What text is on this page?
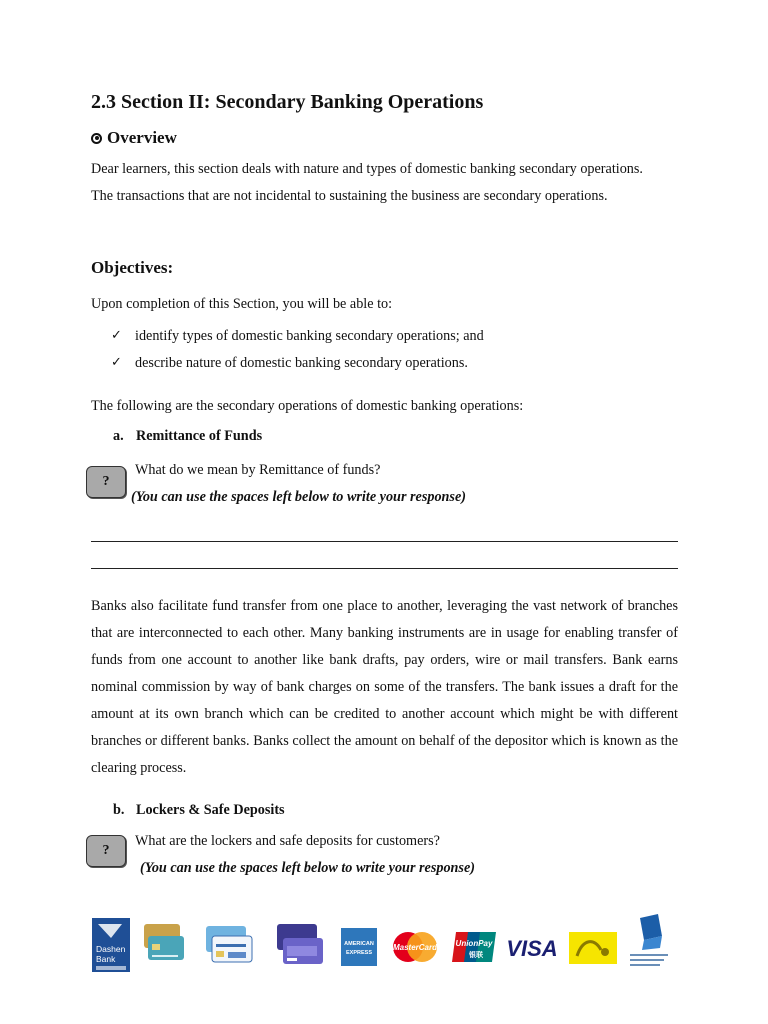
2.3 Section II: Secondary Banking Operations
Overview
Dear learners, this section deals with nature and types of domestic banking secondary operations.
The transactions that are not incidental to sustaining the business are secondary operations.
Objectives:
Upon completion of this Section, you will be able to:
✓ identify types of domestic banking secondary operations; and
✓ describe nature of domestic banking secondary operations.
The following are the secondary operations of domestic banking operations:
a. Remittance of Funds
?
What do we mean by Remittance of funds?
(You can use the spaces left below to write your response)
Banks also facilitate fund transfer from one place to another, leveraging the vast network of branches that are interconnected to each other. Many banking instruments are in usage for enabling transfer of funds from one account to another like bank drafts, pay orders, wire or mail transfers. Bank earns nominal commission by way of bank charges on some of the transfers. The bank issues a draft for the amount at its own branch which can be credited to another account which might be with different branches or different banks. Banks collect the amount on behalf of the depositor which is known as the clearing process.
b. Lockers & Safe Deposits
?
What are the lockers and safe deposits for customers?
(You can use the spaces left below to write your response)
Dashen
Bank
AMERICAN
EXPRESS
MasterCard UnionPay
银联 VISA
